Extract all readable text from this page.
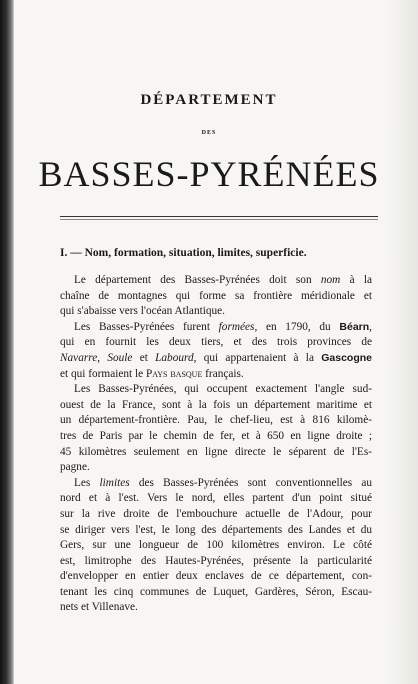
DÉPARTEMENT
DES
BASSES-PYRÉNÉES
I. — Nom, formation, situation, limites, superficie.
Le département des Basses-Pyrénées doit son nom à la
chaîne de montagnes qui forme sa frontière méridionale et
qui s'abaisse vers l'océan Atlantique.
Les Basses-Pyrénées furent formées, en 1790, du Béarn,
qui en fournit les deux tiers, et des trois provinces de
Navarre, Soule et Labourd, qui appartenaient à la Gascogne
et qui formaient le Pays basque français.
Les Basses-Pyrénées, qui occupent exactement l'angle sud-
ouest de la France, sont à la fois un département maritime et
un département-frontière. Pau, le chef-lieu, est à 816 kilomè-
tres de Paris par le chemin de fer, et à 650 en ligne droite ;
45 kilomètres seulement en ligne directe le séparent de l'Es-
pagne.
Les limites des Basses-Pyrénées sont conventionnelles au
nord et à l'est. Vers le nord, elles partent d'un point situé
sur la rive droite de l'embouchure actuelle de l'Adour, pour
se diriger vers l'est, le long des départements des Landes et du
Gers, sur une longueur de 100 kilomètres environ. Le côté
est, limitrophe des Hautes-Pyrénées, présente la particularité
d'envelopper en entier deux enclaves de ce département, con-
tenant les cinq communes de Luquet, Gardères, Séron, Escau-
nets et Villenave.
